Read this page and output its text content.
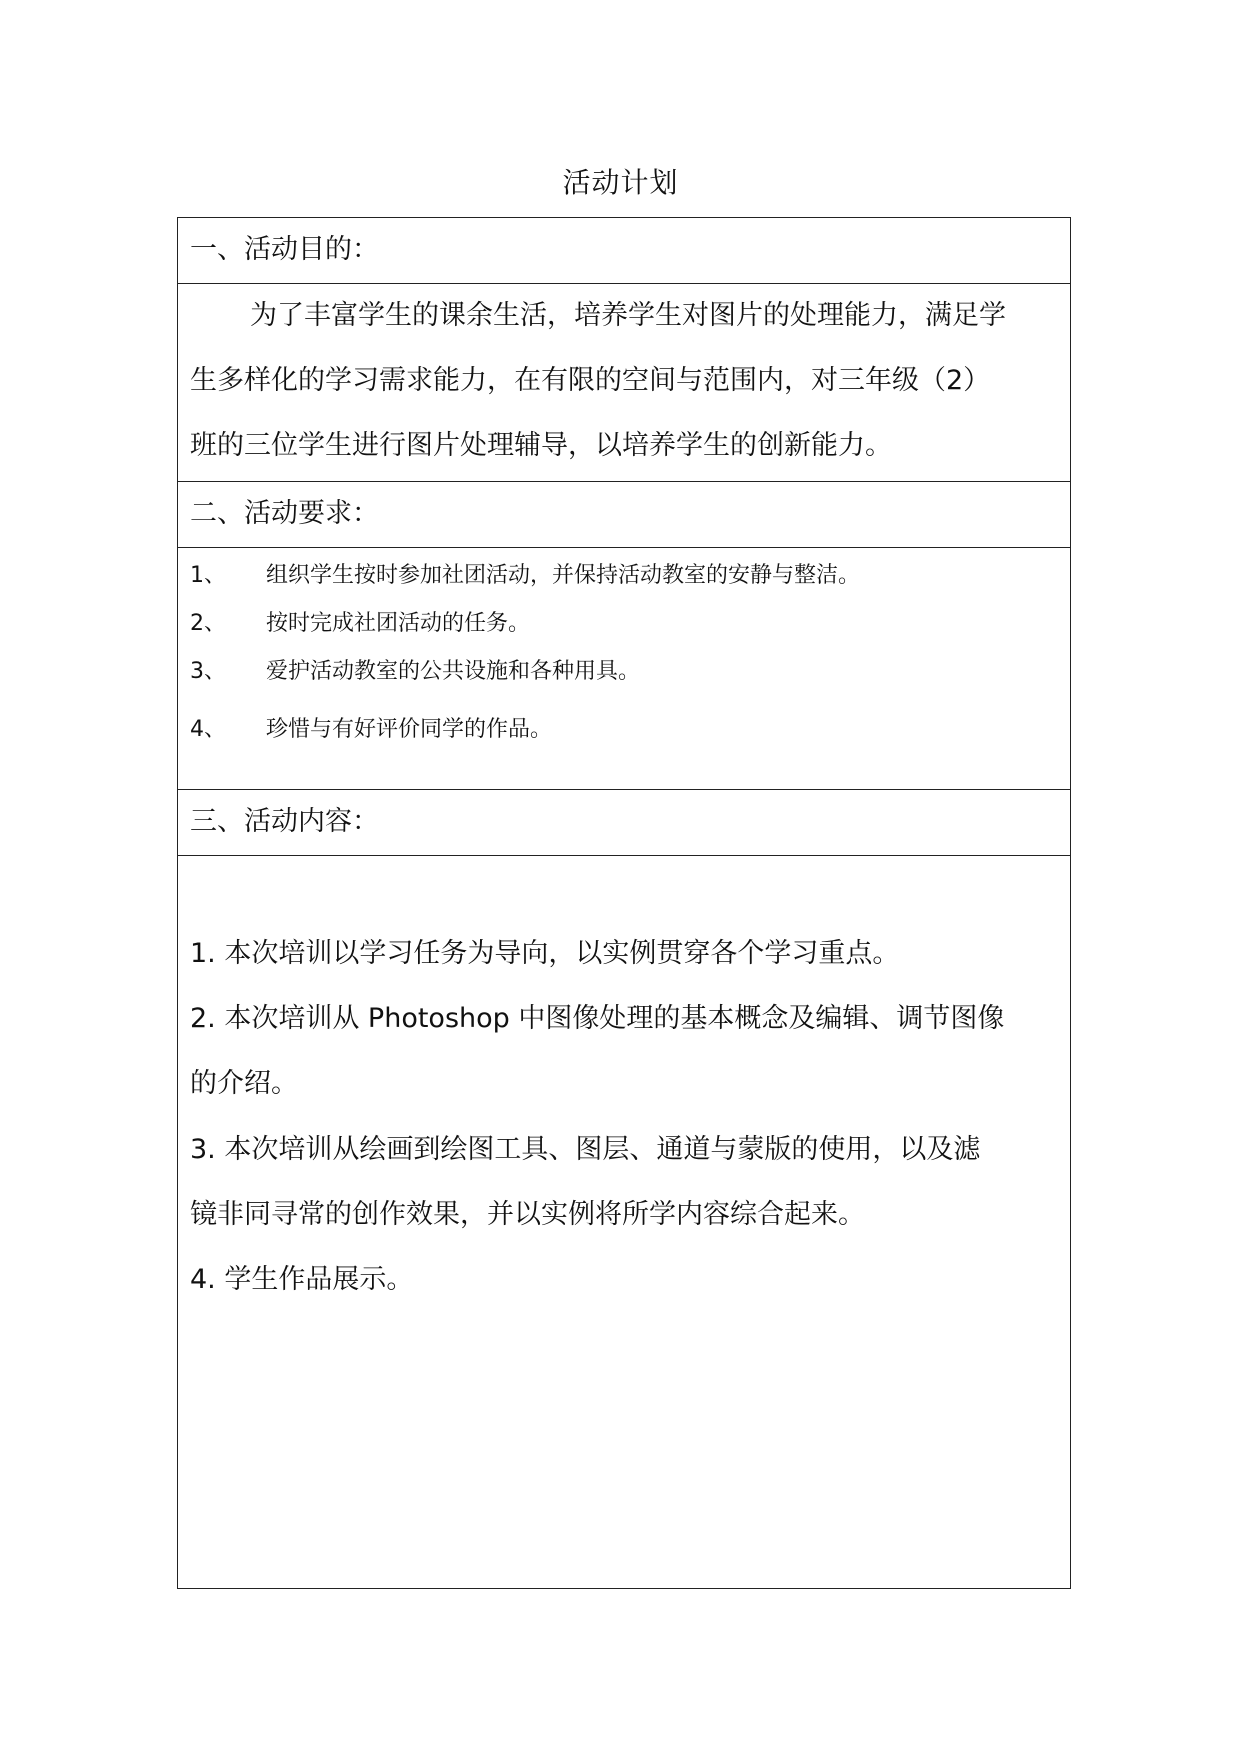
活动计划
一、活动目的：
为了丰富学生的课余生活，培养学生对图片的处理能力，满足学
生多样化的学习需求能力，在有限的空间与范围内，对三年级（2）
班的三位学生进行图片处理辅导，以培养学生的创新能力。
二、活动要求：
1、 组织学生按时参加社团活动，并保持活动教室的安静与整洁。
2、 按时完成社团活动的任务。
3、 爱护活动教室的公共设施和各种用具。
4、 珍惜与有好评价同学的作品。
三、活动内容：
1. 本次培训以学习任务为导向，以实例贯穿各个学习重点。
2. 本次培训从 Photoshop 中图像处理的基本概念及编辑、调节图像
的介绍。
3. 本次培训从绘画到绘图工具、图层、通道与蒙版的使用，以及滤
镜非同寻常的创作效果，并以实例将所学内容综合起来。
4. 学生作品展示。
